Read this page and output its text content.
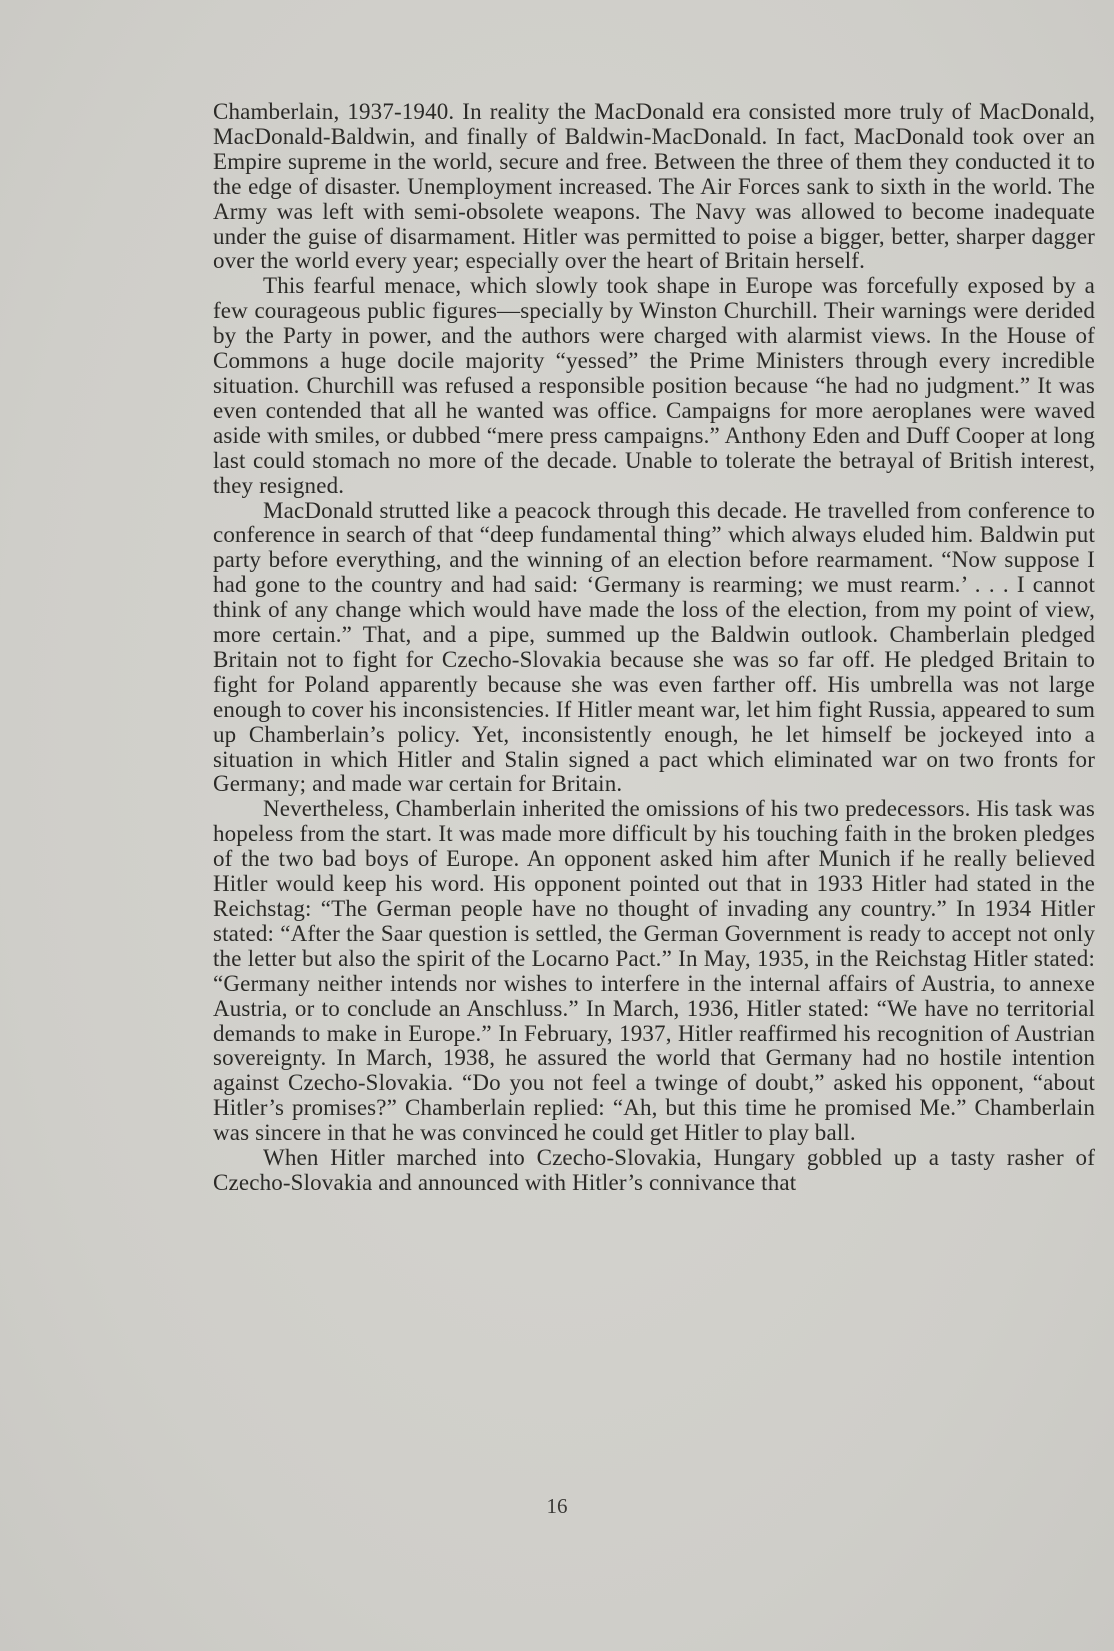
Chamberlain, 1937-1940. In reality the MacDonald era consisted more truly of MacDonald, MacDonald-Baldwin, and finally of Baldwin-MacDonald. In fact, MacDonald took over an Empire supreme in the world, secure and free. Between the three of them they conducted it to the edge of disaster. Unemployment increased. The Air Forces sank to sixth in the world. The Army was left with semi-obsolete weapons. The Navy was allowed to become inadequate under the guise of disarmament. Hitler was permitted to poise a bigger, better, sharper dagger over the world every year; especially over the heart of Britain herself.

This fearful menace, which slowly took shape in Europe was forcefully exposed by a few courageous public figures—specially by Winston Churchill. Their warnings were derided by the Party in power, and the authors were charged with alarmist views. In the House of Commons a huge docile majority “yessed” the Prime Ministers through every incredible situation. Churchill was refused a responsible position because “he had no judgment.” It was even contended that all he wanted was office. Campaigns for more aeroplanes were waved aside with smiles, or dubbed “mere press campaigns.” Anthony Eden and Duff Cooper at long last could stomach no more of the decade. Unable to tolerate the betrayal of British interest, they resigned.

MacDonald strutted like a peacock through this decade. He travelled from conference to conference in search of that “deep fundamental thing” which always eluded him. Baldwin put party before everything, and the winning of an election before rearmament. “Now suppose I had gone to the country and had said: ‘Germany is rearming; we must rearm.’ . . . I cannot think of any change which would have made the loss of the election, from my point of view, more certain.” That, and a pipe, summed up the Baldwin outlook. Chamberlain pledged Britain not to fight for Czecho-Slovakia because she was so far off. He pledged Britain to fight for Poland apparently because she was even farther off. His umbrella was not large enough to cover his inconsistencies. If Hitler meant war, let him fight Russia, appeared to sum up Chamberlain’s policy. Yet, inconsistently enough, he let himself be jockeyed into a situation in which Hitler and Stalin signed a pact which eliminated war on two fronts for Germany; and made war certain for Britain.

Nevertheless, Chamberlain inherited the omissions of his two predecessors. His task was hopeless from the start. It was made more difficult by his touching faith in the broken pledges of the two bad boys of Europe. An opponent asked him after Munich if he really believed Hitler would keep his word. His opponent pointed out that in 1933 Hitler had stated in the Reichstag: “The German people have no thought of invading any country.” In 1934 Hitler stated: “After the Saar question is settled, the German Government is ready to accept not only the letter but also the spirit of the Locarno Pact.” In May, 1935, in the Reichstag Hitler stated: “Germany neither intends nor wishes to interfere in the internal affairs of Austria, to annexe Austria, or to conclude an Anschluss.” In March, 1936, Hitler stated: “We have no territorial demands to make in Europe.” In February, 1937, Hitler reaffirmed his recognition of Austrian sovereignty. In March, 1938, he assured the world that Germany had no hostile intention against Czecho-Slovakia. “Do you not feel a twinge of doubt,” asked his opponent, “about Hitler’s promises?” Chamberlain replied: “Ah, but this time he promised Me.” Chamberlain was sincere in that he was convinced he could get Hitler to play ball.

When Hitler marched into Czecho-Slovakia, Hungary gobbled up a tasty rasher of Czecho-Slovakia and announced with Hitler’s connivance that

16
